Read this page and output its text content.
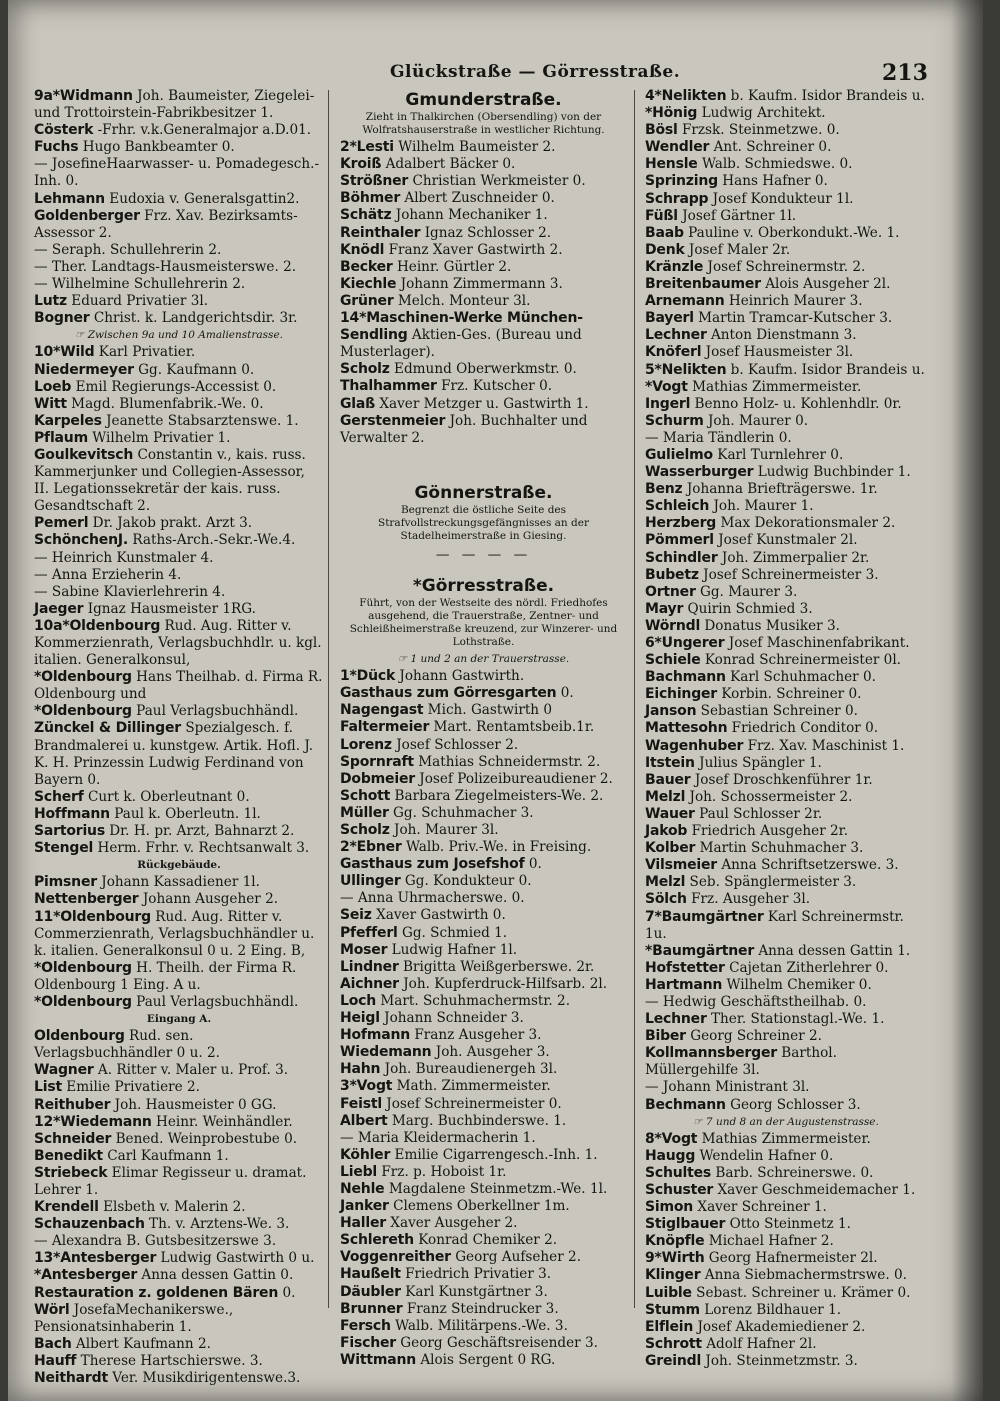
Glückstraße — Görresstraße.	213

9a*Widmann Joh. Baumeister, Ziegelei- und Trottoirstein-Fabrikbesitzer 1.

Cösterk -Frhr. v.k.Generalmajor a.D.01.

Fuchs Hugo Bankbeamter 0.

— JosefineHaarwasser- u. Pomadegesch.-Inh. 0.

Lehmann Eudoxia v. Generalsgattin2.

Goldenberger Frz. Xav. Bezirksamts-Assessor 2.

— Seraph. Schullehrerin 2.

— Ther. Landtags-Hausmeisterswe. 2.

— Wilhelmine Schullehrerin 2.

Lutz Eduard Privatier 3l.

Bogner Christ. k. Landgerichtsdir. 3r.

☞ Zwischen 9a und 10 Amalienstrasse.

10*Wild Karl Privatier.

Niedermeyer Gg. Kaufmann 0.

Loeb Emil Regierungs-Accessist 0.

Witt Magd. Blumenfabrik.-We. 0.

Karpeles Jeanette Stabsarztenswe. 1.

Pflaum Wilhelm Privatier 1.

Goulkevitsch Constantin v., kais. russ. Kammerjunker und Collegien-Assessor, II. Legationssekretär der kais. russ. Gesandtschaft 2.

Pemerl Dr. Jakob prakt. Arzt 3.

SchönchenJ. Raths-Arch.-Sekr.-We.4.

— Heinrich Kunstmaler 4.

— Anna Erzieherin 4.

— Sabine Klavierlehrerin 4.

Jaeger Ignaz Hausmeister 1RG.

10a*Oldenbourg Rud. Aug. Ritter v. Kommerzienrath, Verlagsbuchhdlr. u. kgl. italien. Generalkonsul,

*Oldenbourg Hans Theilhab. d. Firma R. Oldenbourg und

*Oldenbourg Paul Verlagsbuchhändl.

Zünckel & Dillinger Spezialgesch. f. Brandmalerei u. kunstgew. Artik. Hofl. J. K. H. Prinzessin Ludwig Ferdinand von Bayern 0.

Scherf Curt k. Oberleutnant 0.

Hoffmann Paul k. Oberleutn. 1l.

Sartorius Dr. H. pr. Arzt, Bahnarzt 2.

Stengel Herm. Frhr. v. Rechtsanwalt 3.

Rückgebäude.

Pimsner Johann Kassadiener 1l.

Nettenberger Johann Ausgeher 2.

11*Oldenbourg Rud. Aug. Ritter v. Commerzienrath, Verlagsbuchhändler u. k. italien. Generalkonsul 0 u. 2 Eing. B,

*Oldenbourg H. Theilh. der Firma R. Oldenbourg 1 Eing. A u.

*Oldenbourg Paul Verlagsbuchhändl.

Eingang A.

Oldenbourg Rud. sen. Verlagsbuchhändler 0 u. 2.

Wagner A. Ritter v. Maler u. Prof. 3.

List Emilie Privatiere 2.

Reithuber Joh. Hausmeister 0 GG.

12*Wiedemann Heinr. Weinhändler.

Schneider Bened. Weinprobestube 0.

Benedikt Carl Kaufmann 1.

Striebeck Elimar Regisseur u. dramat. Lehrer 1.

Krendell Elsbeth v. Malerin 2.

Schauzenbach Th. v. Arztens-We. 3.

— Alexandra B. Gutsbesitzerswe 3.

13*Antesberger Ludwig Gastwirth 0 u.

*Antesberger Anna dessen Gattin 0.

Restauration z. goldenen Bären 0.

Wörl JosefaMechanikerswe., Pensionatsinhaberin 1.

Bach Albert Kaufmann 2.

Hauff Therese Hartschierswe. 3.

Neithardt Ver. Musikdirigentenswe.3.

Gmunderstraße.

Zieht in Thalkirchen (Obersendling) von der Wolfratshauserstraße in westlicher Richtung.

2*Lesti Wilhelm Baumeister 2.

Kroiß Adalbert Bäcker 0.

Strößner Christian Werkmeister 0.

Böhmer Albert Zuschneider 0.

Schätz Johann Mechaniker 1.

Reinthaler Ignaz Schlosser 2.

Knödl Franz Xaver Gastwirth 2.

Becker Heinr. Gürtler 2.

Kiechle Johann Zimmermann 3.

Grüner Melch. Monteur 3l.

14*Maschinen-Werke München-Sendling Aktien-Ges. (Bureau und Musterlager).

Scholz Edmund Oberwerkmstr. 0.

Thalhammer Frz. Kutscher 0.

Glaß Xaver Metzger u. Gastwirth 1.

Gerstenmeier Joh. Buchhalter und Verwalter 2.

Gönnerstraße.

Begrenzt die östliche Seite des Strafvollstreckungsgefängnisses an der Stadelheimerstraße in Giesing.

— — — —

*Görresstraße.

Führt, von der Westseite des nördl. Friedhofes ausgehend, die Trauerstraße, Zentner- und Schleißheimerstraße kreuzend, zur Winzerer- und Lothstraße.

☞ 1 und 2 an der Trauerstrasse.

1*Dück Johann Gastwirth.

Gasthaus zum Görresgarten 0.

Nagengast Mich. Gastwirth 0

Faltermeier Mart. Rentamtsbeib.1r.

Lorenz Josef Schlosser 2.

Spornraft Mathias Schneidermstr. 2.

Dobmeier Josef Polizeibureaudiener 2.

Schott Barbara Ziegelmeisters-We. 2.

Müller Gg. Schuhmacher 3.

Scholz Joh. Maurer 3l.

2*Ebner Walb. Priv.-We. in Freising.

Gasthaus zum Josefshof 0.

Ullinger Gg. Kondukteur 0.

— Anna Uhrmacherswe. 0.

Seiz Xaver Gastwirth 0.

Pfefferl Gg. Schmied 1.

Moser Ludwig Hafner 1l.

Lindner Brigitta Weißgerberswe. 2r.

Aichner Joh. Kupferdruck-Hilfsarb. 2l.

Loch Mart. Schuhmachermstr. 2.

Heigl Johann Schneider 3.

Hofmann Franz Ausgeher 3.

Wiedemann Joh. Ausgeher 3.

Hahn Joh. Bureaudienergeh 3l.

3*Vogt Math. Zimmermeister.

Feistl Josef Schreinermeister 0.

Albert Marg. Buchbinderswe. 1.

— Maria Kleidermacherin 1.

Köhler Emilie Cigarrengesch.-Inh. 1.

Liebl Frz. p. Hoboist 1r.

Nehle Magdalene Steinmetzm.-We. 1l.

Janker Clemens Oberkellner 1m.

Haller Xaver Ausgeher 2.

Schlereth Konrad Chemiker 2.

Voggenreither Georg Aufseher 2.

Haußelt Friedrich Privatier 3.

Däubler Karl Kunstgärtner 3.

Brunner Franz Steindrucker 3.

Fersch Walb. Militärpens.-We. 3.

Fischer Georg Geschäftsreisender 3.

Wittmann Alois Sergent 0 RG.

4*Nelikten b. Kaufm. Isidor Brandeis u.

*Hönig Ludwig Architekt.

Bösl Frzsk. Steinmetzwe. 0.

Wendler Ant. Schreiner 0.

Hensle Walb. Schmiedswe. 0.

Sprinzing Hans Hafner 0.

Schrapp Josef Kondukteur 1l.

Füßl Josef Gärtner 1l.

Baab Pauline v. Oberkondukt.-We. 1.

Denk Josef Maler 2r.

Kränzle Josef Schreinermstr. 2.

Breitenbaumer Alois Ausgeher 2l.

Arnemann Heinrich Maurer 3.

Bayerl Martin Tramcar-Kutscher 3.

Lechner Anton Dienstmann 3.

Knöferl Josef Hausmeister 3l.

5*Nelikten b. Kaufm. Isidor Brandeis u.

*Vogt Mathias Zimmermeister.

Ingerl Benno Holz- u. Kohlenhdlr. 0r.

Schurm Joh. Maurer 0.

— Maria Tändlerin 0.

Gulielmo Karl Turnlehrer 0.

Wasserburger Ludwig Buchbinder 1.

Benz Johanna Briefträgerswe. 1r.

Schleich Joh. Maurer 1.

Herzberg Max Dekorationsmaler 2.

Pömmerl Josef Kunstmaler 2l.

Schindler Joh. Zimmerpalier 2r.

Bubetz Josef Schreinermeister 3.

Ortner Gg. Maurer 3.

Mayr Quirin Schmied 3.

Wörndl Donatus Musiker 3.

6*Ungerer Josef Maschinenfabrikant.

Schiele Konrad Schreinermeister 0l.

Bachmann Karl Schuhmacher 0.

Eichinger Korbin. Schreiner 0.

Janson Sebastian Schreiner 0.

Mattesohn Friedrich Conditor 0.

Wagenhuber Frz. Xav. Maschinist 1.

Itstein Julius Spängler 1.

Bauer Josef Droschkenführer 1r.

Melzl Joh. Schossermeister 2.

Wauer Paul Schlosser 2r.

Jakob Friedrich Ausgeher 2r.

Kolber Martin Schuhmacher 3.

Vilsmeier Anna Schriftsetzerswe. 3.

Melzl Seb. Spänglermeister 3.

Sölch Frz. Ausgeher 3l.

7*Baumgärtner Karl Schreinermstr. 1u.

*Baumgärtner Anna dessen Gattin 1.

Hofstetter Cajetan Zitherlehrer 0.

Hartmann Wilhelm Chemiker 0.

— Hedwig Geschäftstheilhab. 0.

Lechner Ther. Stationstagl.-We. 1.

Biber Georg Schreiner 2.

Kollmannsberger Barthol. Müllergehilfe 3l.

— Johann Ministrant 3l.

Bechmann Georg Schlosser 3.

☞ 7 und 8 an der Augustenstrasse.

8*Vogt Mathias Zimmermeister.

Haugg Wendelin Hafner 0.

Schultes Barb. Schreinerswe. 0.

Schuster Xaver Geschmeidemacher 1.

Simon Xaver Schreiner 1.

Stiglbauer Otto Steinmetz 1.

Knöpfle Michael Hafner 2.

9*Wirth Georg Hafnermeister 2l.

Klinger Anna Siebmachermstrswe. 0.

Luible Sebast. Schreiner u. Krämer 0.

Stumm Lorenz Bildhauer 1.

Elflein Josef Akademiediener 2.

Schrott Adolf Hafner 2l.

Greindl Joh. Steinmetzmstr. 3.
